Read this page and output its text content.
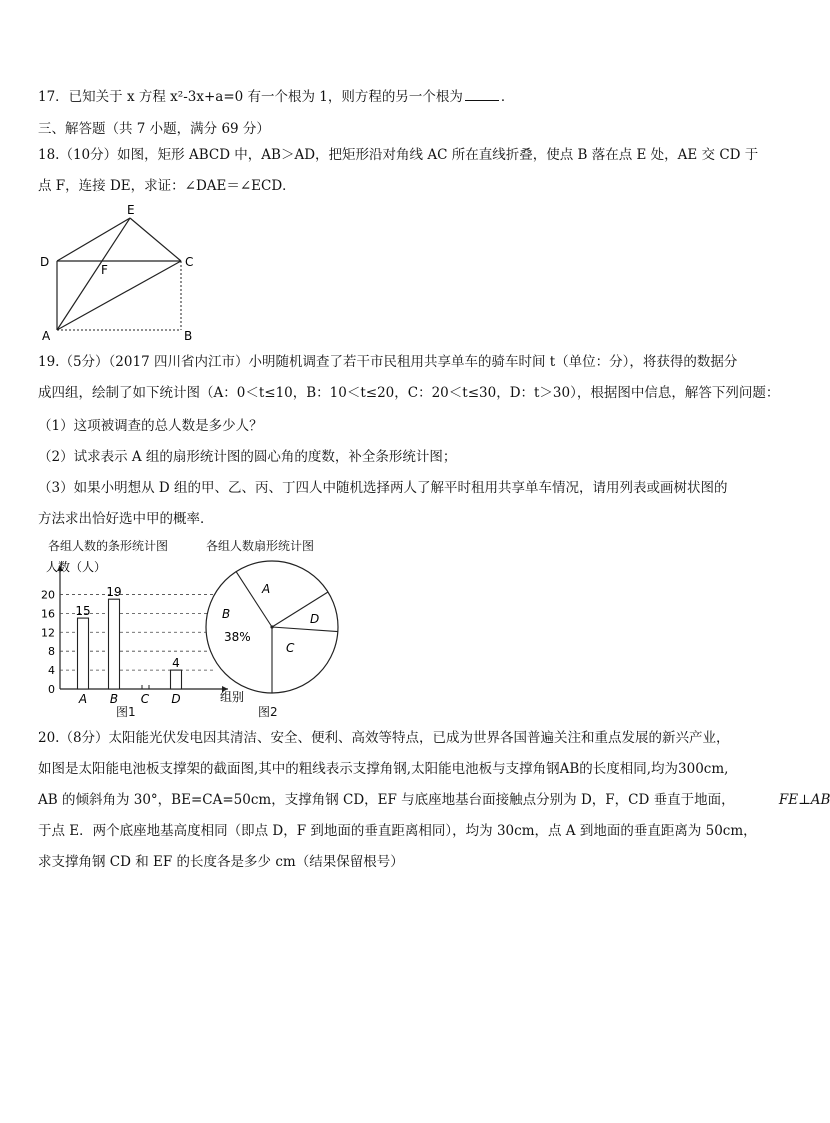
17．已知关于 x 方程 x²-3x+a=0 有一个根为 1，则方程的另一个根为	．
三、解答题（共 7 小题，满分 69 分）
18.（10分）如图，矩形 ABCD 中，AB＞AD，把矩形沿对角线 AC 所在直线折叠，使点 B 落在点 E 处，AE 交 CD 于
点 F，连接 DE，求证：∠DAE＝∠ECD．
E
D	C
F
A	B
19.（5分）（2017 四川省内江市）小明随机调查了若干市民租用共享单车的骑车时间 t（单位：分），将获得的数据分
成四组，绘制了如下统计图（A：0＜t≤10，B：10＜t≤20，C：20＜t≤30，D：t＞30），根据图中信息，解答下列问题：
（1）这项被调查的总人数是多少人？
（2）试求表示 A 组的扇形统计图的圆心角的度数，补全条形统计图；
（3）如果小明想从 D 组的甲、乙、丙、丁四人中随机选择两人了解平时租用共享单车情况，请用列表或画树状图的
方法求出恰好选中甲的概率．
各组人数的条形统计图	各组人数扇形统计图
人数（人）
组别
0
4
8
12
16
20
15
A
19
B C
4
D
A
B
C
D
38%
图1	图2
20.（8分）太阳能光伏发电因其清洁、安全、便利、高效等特点，已成为世界各国普遍关注和重点发展的新兴产业，
如图是太阳能电池板支撑架的截面图,其中的粗线表示支撑角钢,太阳能电池板与支撑角钢AB的长度相同,均为300cm,
AB 的倾斜角为 30°，BE=CA=50cm，支撑角钢 CD，EF 与底座地基台面接触点分别为 D，F，CD 垂直于地面，	FE⊥AB
于点 E．两个底座地基高度相同（即点 D，F 到地面的垂直距离相同），均为 30cm，点 A 到地面的垂直距离为 50cm，
求支撑角钢 CD 和 EF 的长度各是多少 cm（结果保留根号）
